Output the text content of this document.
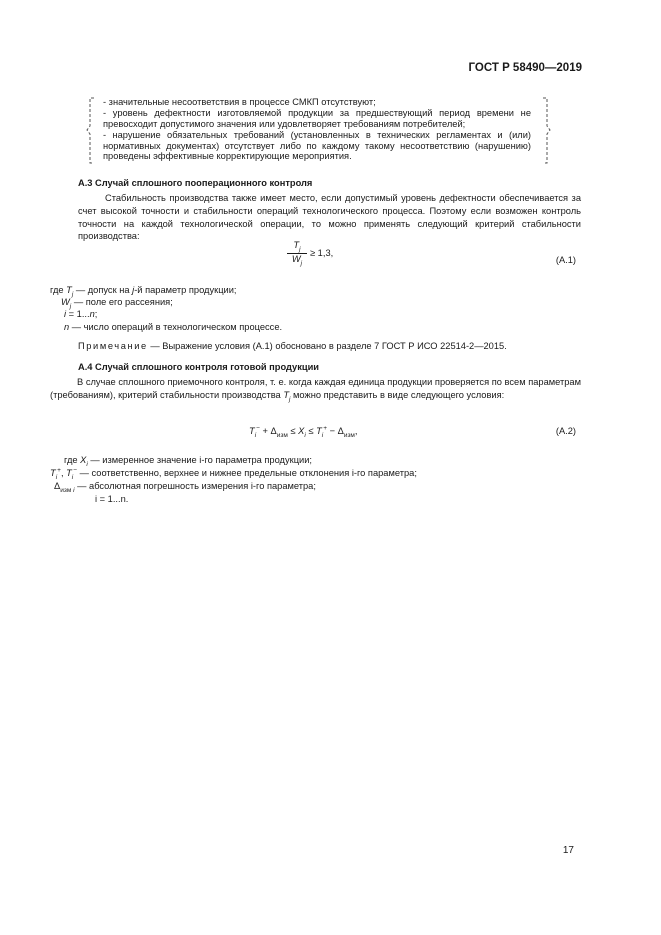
ГОСТ Р 58490—2019
- значительные несоответствия в процессе СМКП отсутствуют;
- уровень дефектности изготовляемой продукции за предшествующий период времени не превосходит допустимого значения или удовлетворяет требованиям потребителей;
- нарушение обязательных требований (установленных в технических регламентах и (или) нормативных документах) отсутствует либо по каждому такому несоответствию (нарушению) проведены эффективные корректирующие мероприятия.
А.3 Случай сплошного пооперационного контроля

Стабильность производства также имеет место, если допустимый уровень дефектности обеспечивается за счет высокой точности и стабильности операций технологического процесса. Поэтому если возможен контроль точности на каждой технологической операции, то можно применять следующий критерий стабильности производства:

$\frac{T_j}{W_j} \ge 1,3$,
(А.1)
где $T_j$ — допуск на j-й параметр продукции;
$W_j$ — поле его рассеяния;
i = 1...n;
n — число операций в технологическом процессе.
Примечание — Выражение условия (А.1) обосновано в разделе 7 ГОСТ Р ИСО 22514-2—2015.
А.4 Случай сплошного контроля готовой продукции

В случае сплошного приемочного контроля, т. е. когда каждая единица продукции проверяется по всем параметрам (требованиям), критерий стабильности производства $T_j$ можно представить в виде следующего условия:

$T_i^- + \Delta_{изм} \le X_i \le T_i^+ - \Delta_{изм}$,	(А.2)
где $X_i$ — измеренное значение i-го параметра продукции;
$T_i^+$, $T_i^-$ — соответственно, верхнее и нижнее предельные отклонения i-го параметра;
$\Delta_{изм i}$ — абсолютная погрешность измерения i-го параметра;
i = 1...n.
17
